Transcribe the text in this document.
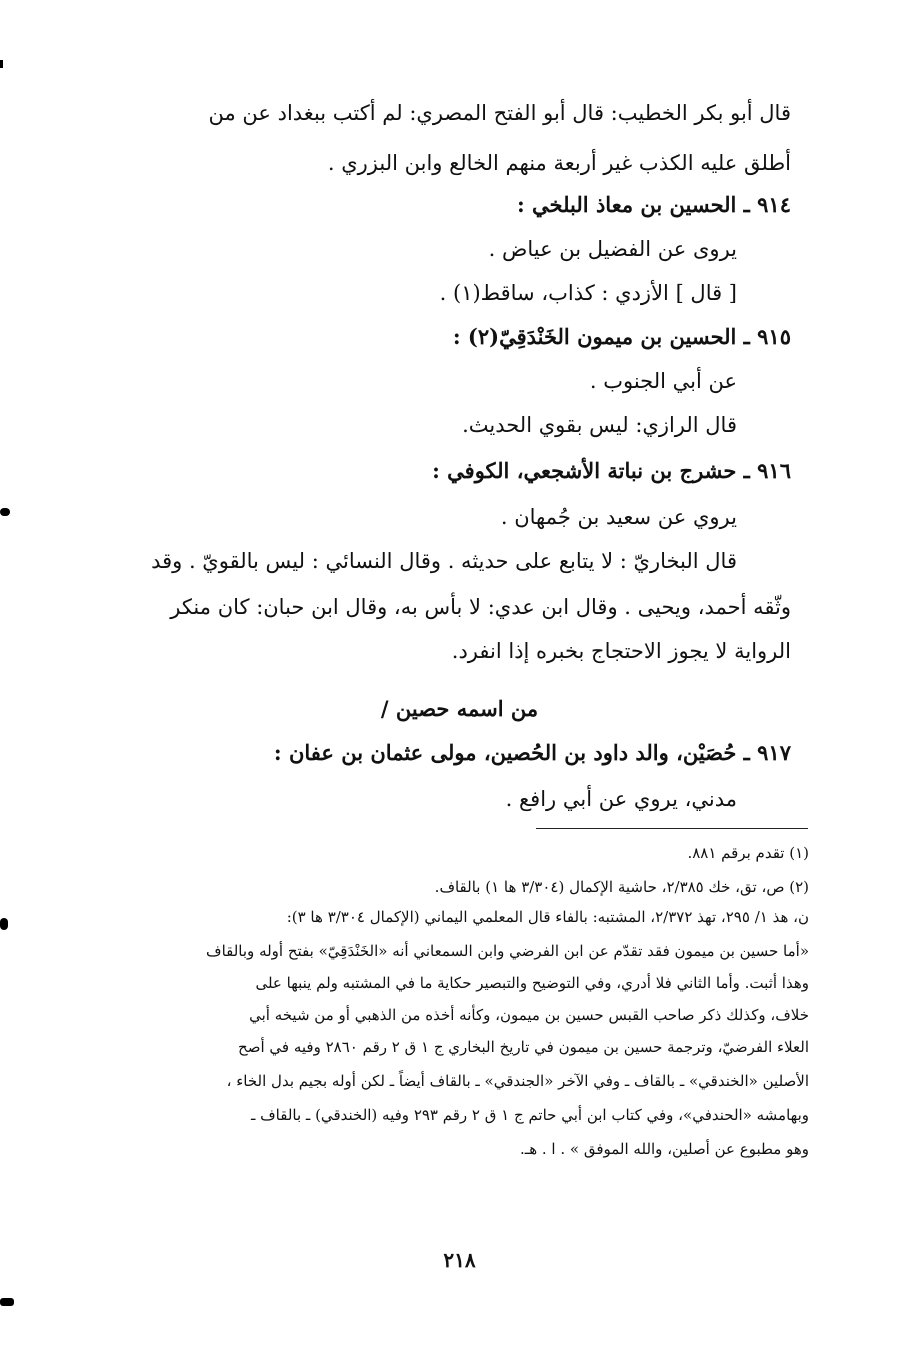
قال أبو بكر الخطيب: قال أبو الفتح المصري: لم أكتب ببغداد عن من
أطلق عليه الكذب غير أربعة منهم الخالع وابن البزري .
٩١٤ ـ الحسين بن معاذ البلخي :
يروى عن الفضيل بن عياض .
[ قال ] الأزدي : كذاب، ساقط(١) .
٩١٥ ـ الحسين بن ميمون الخَنْدَقِيّ(٢) :
عن أبي الجنوب .
قال الرازي: ليس بقوي الحديث.
٩١٦ ـ حشرج بن نباتة الأشجعي، الكوفي :
يروي عن سعيد بن جُمهان .
قال البخاريّ : لا يتابع على حديثه . وقال النسائي : ليس بالقويّ . وقد
وثّقه أحمد، ويحيى . وقال ابن عدي: لا بأس به، وقال ابن حبان: كان منكر
الرواية لا يجوز الاحتجاج بخبره إذا انفرد.
من اسمه حصين /
٩١٧ ـ حُصَيْن، والد داود بن الحُصين، مولى عثمان بن عفان :
مدني، يروي عن أبي رافع .
(١) تقدم برقم ٨٨١.
(٢) ص، تق، خك ٢/٣٨٥، حاشية الإكمال (٣/٣٠٤ ها ١) بالقاف.
ن، هذ ١/ ٢٩٥، تهذ ٢/٣٧٢، المشتبه: بالفاء قال المعلمي اليماني (الإكمال ٣/٣٠٤ ها ٣):
«أما حسين بن ميمون فقد تقدّم عن ابن الفرضي وابن السمعاني أنه «الخَنْدَقِيّ» بفتح أوله وبالقاف
وهذا أثبت. وأما الثاني فلا أدري، وفي التوضيح والتبصير حكاية ما في المشتبه ولم ينبها على
خلاف، وكذلك ذكر صاحب القبس حسين بن ميمون، وكأنه أخذه من الذهبي أو من شيخه أبي
العلاء الفرضيّ، وترجمة حسين بن ميمون في تاريخ البخاري ج ١ ق ٢ رقم ٢٨٦٠ وفيه في أصح
الأصلين «الخندقي» ـ بالقاف ـ وفي الآخر «الجندقي» ـ بالقاف أيضاً ـ لكن أوله بجيم بدل الخاء ،
وبهامشه «الحندفي»، وفي كتاب ابن أبي حاتم ج ١ ق ٢ رقم ٢٩٣ وفيه (الخندقي) ـ بالقاف ـ
وهو مطبوع عن أصلين، والله الموفق » . ا . هـ.
٢١٨
